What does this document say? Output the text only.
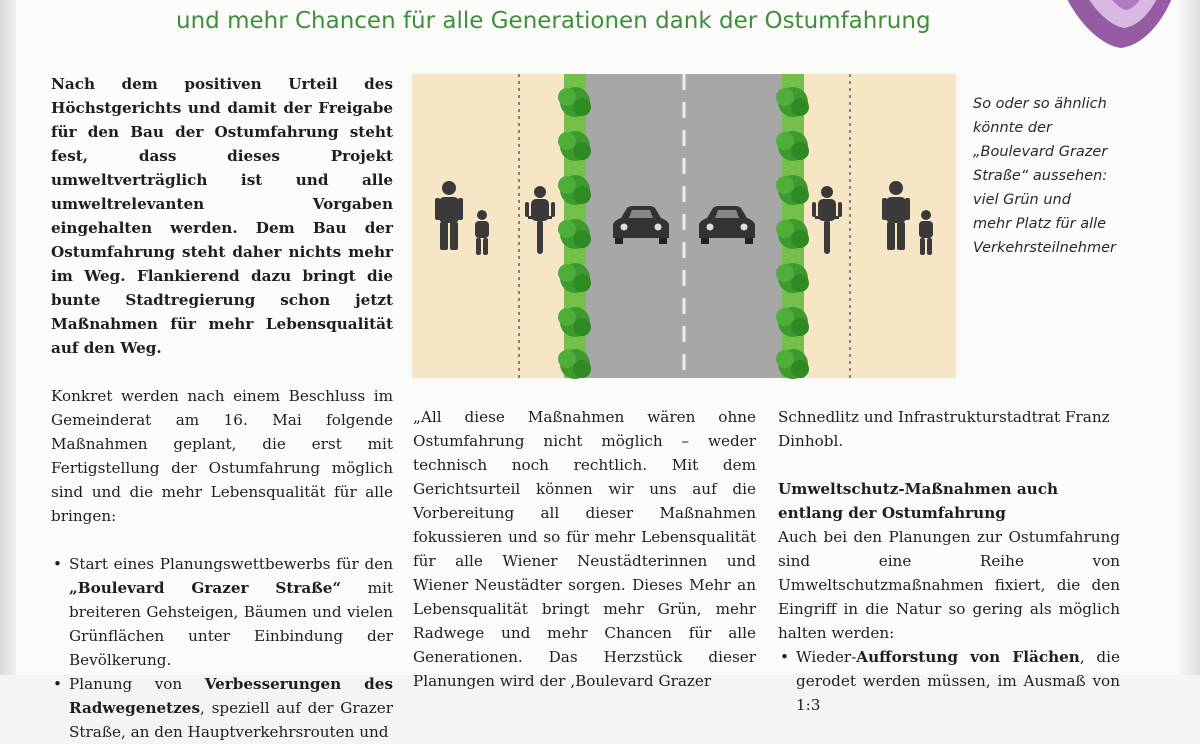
und mehr Chancen für alle Generationen dank der Ostumfahrung

Nach dem positiven Urteil des Höchstgerichts und damit der Freigabe für den Bau der Ostumfahrung steht fest, dass dieses Projekt umweltverträglich ist und alle umweltrelevanten Vorgaben eingehalten werden. Dem Bau der Ostumfahrung steht daher nichts mehr im Weg. Flankierend dazu bringt die bunte Stadtregierung schon jetzt Maßnahmen für mehr Lebensqualität auf den Weg.

Konkret werden nach einem Beschluss im Gemeinderat am 16. Mai folgende Maßnahmen geplant, die erst mit Fertigstellung der Ostumfahrung möglich sind und die mehr Lebensqualität für alle bringen:

• Start eines Planungswettbewerbs für den „Boulevard Grazer Straße“ mit breiteren Gehsteigen, Bäumen und vielen Grünflächen unter Einbindung der Bevölkerung.
• Planung von Verbesserungen des Radwegenetzes, speziell auf der Grazer Straße, an den Hauptverkehrsrouten und
So oder so ähnlich
könnte der
„Boulevard Grazer
Straße“ aussehen:
viel Grün und
mehr Platz für alle
Verkehrsteilnehmer

„All diese Maßnahmen wären ohne Ostumfahrung nicht möglich – weder technisch noch rechtlich. Mit dem Gerichtsurteil können wir uns auf die Vorbereitung all dieser Maßnahmen fokussieren und so für mehr Lebensqualität für alle Wiener Neustädterinnen und Wiener Neustädter sorgen. Dieses Mehr an Lebensqualität bringt mehr Grün, mehr Radwege und mehr Chancen für alle Generationen. Das Herzstück dieser Planungen wird der ‚Boulevard Grazer

Schnedlitz und Infrastrukturstadtrat Franz Dinhobl.

Umweltschutz-Maßnahmen auch
entlang der Ostumfahrung

Auch bei den Planungen zur Ostumfahrung sind eine Reihe von Umweltschutzmaßnahmen fixiert, die den Eingriff in die Natur so gering als möglich halten werden:

• Wieder-Aufforstung von Flächen, die gerodet werden müssen, im Ausmaß von 1:3
